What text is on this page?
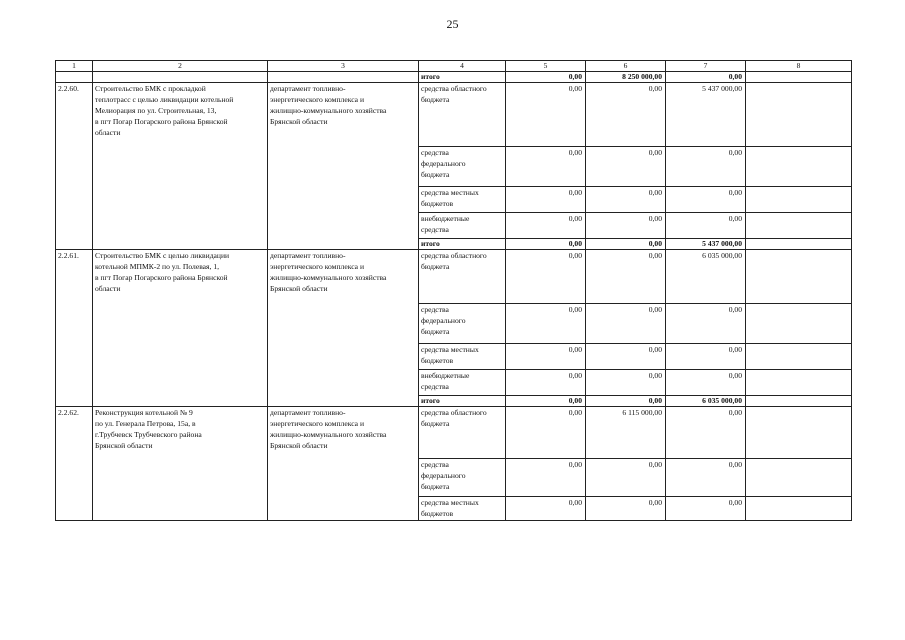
25
1	2	3	4	5	6	7	8
			итого	0,00	8 250 000,00	0,00	
2.2.60.	Строительство БМК с прокладкой
теплотрасс с целью ликвидации котельной
Мелиорация по ул. Строительная, 13,
в пгт Погар Погарского района Брянской
области	департамент топливно-
энергетического комплекса и
жилищно-коммунального хозяйства
Брянской области	средства областного
бюджета	0,00	0,00	5 437 000,00	
			средства
федерального
бюджета	0,00	0,00	0,00	
			средства местных
бюджетов	0,00	0,00	0,00	
			внебюджетные
средства	0,00	0,00	0,00	
			итого	0,00	0,00	5 437 000,00	
2.2.61.	Строительство БМК с целью ликвидации
котельной МПМК-2 по ул. Полевая, 1,
в пгт Погар Погарского района Брянской
области	департамент топливно-
энергетического комплекса и
жилищно-коммунального хозяйства
Брянской области	средства областного
бюджета	0,00	0,00	6 035 000,00	
			средства
федерального
бюджета	0,00	0,00	0,00	
			средства местных
бюджетов	0,00	0,00	0,00	
			внебюджетные
средства	0,00	0,00	0,00	
			итого	0,00	0,00	6 035 000,00	
2.2.62.	Реконструкция котельной № 9
по ул. Генерала Петрова, 15а, в
г.Трубчевск Трубчевского района
Брянской области	департамент топливно-
энергетического комплекса и
жилищно-коммунального хозяйства
Брянской области	средства областного
бюджета	0,00	6 115 000,00	0,00	
			средства
федерального
бюджета	0,00	0,00	0,00	
			средства местных
бюджетов	0,00	0,00	0,00	
